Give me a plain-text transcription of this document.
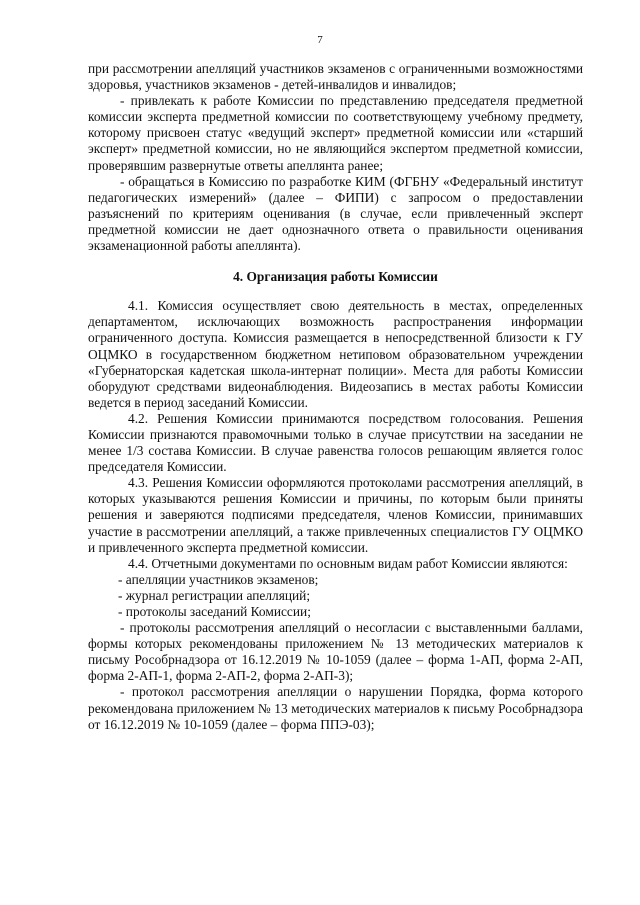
7

при рассмотрении апелляций участников экзаменов с ограниченными возможностями здоровья, участников экзаменов - детей-инвалидов и инвалидов;

- привлекать к работе Комиссии по представлению председателя предметной комиссии эксперта предметной комиссии по соответствующему учебному предмету, которому присвоен статус «ведущий эксперт» предметной комиссии или «старший эксперт» предметной комиссии, но не являющийся экспертом предметной комиссии, проверявшим развернутые ответы апеллянта ранее;

- обращаться в Комиссию по разработке КИМ (ФГБНУ «Федеральный институт педагогических измерений» (далее – ФИПИ) с запросом о предоставлении разъяснений по критериям оценивания (в случае, если привлеченный эксперт предметной комиссии не дает однозначного ответа о правильности оценивания экзаменационной работы апеллянта).

4. Организация работы Комиссии

4.1. Комиссия осуществляет свою деятельность в местах, определенных департаментом, исключающих возможность распространения информации ограниченного доступа. Комиссия размещается в непосредственной близости к ГУ ОЦМКО в государственном бюджетном нетиповом образовательном учреждении «Губернаторская кадетская школа-интернат полиции». Места для работы Комиссии оборудуют средствами видеонаблюдения. Видеозапись в местах работы Комиссии ведется в период заседаний Комиссии.

4.2. Решения Комиссии принимаются посредством голосования. Решения Комиссии признаются правомочными только в случае присутствии на заседании не менее 1/3 состава Комиссии. В случае равенства голосов решающим является голос председателя Комиссии.

4.3. Решения Комиссии оформляются протоколами рассмотрения апелляций, в которых указываются решения Комиссии и причины, по которым были приняты решения и заверяются подписями председателя, членов Комиссии, принимавших участие в рассмотрении апелляций, а также привлеченных специалистов ГУ ОЦМКО и привлеченного эксперта предметной комиссии.

4.4. Отчетными документами по основным видам работ Комиссии являются:

- апелляции участников экзаменов;

- журнал регистрации апелляций;

- протоколы заседаний Комиссии;

- протоколы рассмотрения апелляций о несогласии с выставленными баллами, формы которых рекомендованы приложением № 13 методических материалов к письму Рособрнадзора от 16.12.2019 № 10-1059 (далее – форма 1-АП, форма 2-АП, форма 2-АП-1, форма 2-АП-2, форма 2-АП-3);

- протокол рассмотрения апелляции о нарушении Порядка, форма которого рекомендована приложением № 13 методических материалов к письму Рособрнадзора от 16.12.2019 № 10-1059 (далее – форма ППЭ-03);
